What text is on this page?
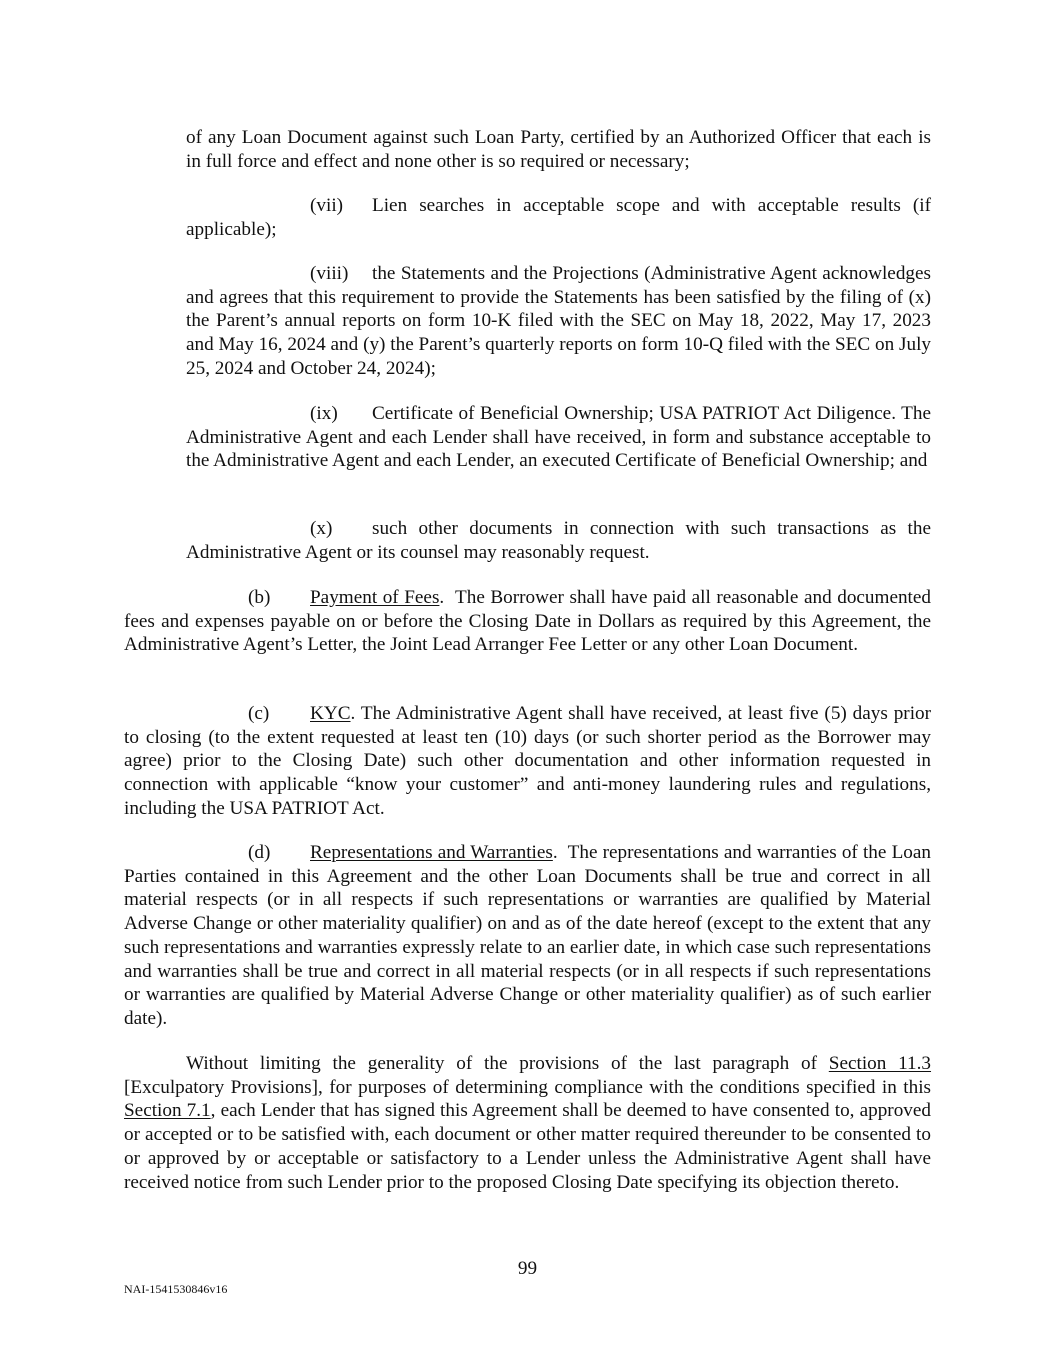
of any Loan Document against such Loan Party, certified by an Authorized Officer that each is in full force and effect and none other is so required or necessary;

(vii) Lien searches in acceptable scope and with acceptable results (if applicable);

(viii) the Statements and the Projections (Administrative Agent acknowledges and agrees that this requirement to provide the Statements has been satisfied by the filing of (x) the Parent’s annual reports on form 10-K filed with the SEC on May 18, 2022, May 17, 2023 and May 16, 2024 and (y) the Parent’s quarterly reports on form 10-Q filed with the SEC on July 25, 2024 and October 24, 2024);

(ix) Certificate of Beneficial Ownership; USA PATRIOT Act Diligence. The Administrative Agent and each Lender shall have received, in form and substance acceptable to the Administrative Agent and each Lender, an executed Certificate of Beneficial Ownership; and

(x) such other documents in connection with such transactions as the Administrative Agent or its counsel may reasonably request.

(b) Payment of Fees.  The Borrower shall have paid all reasonable and documented fees and expenses payable on or before the Closing Date in Dollars as required by this Agreement, the Administrative Agent’s Letter, the Joint Lead Arranger Fee Letter or any other Loan Document.

(c) KYC. The Administrative Agent shall have received, at least five (5) days prior to closing (to the extent requested at least ten (10) days (or such shorter period as the Borrower may agree) prior to the Closing Date) such other documentation and other information requested in connection with applicable “know your customer” and anti-money laundering rules and regulations, including the USA PATRIOT Act.

(d) Representations and Warranties.  The representations and warranties of the Loan Parties contained in this Agreement and the other Loan Documents shall be true and correct in all material respects (or in all respects if such representations or warranties are qualified by Material Adverse Change or other materiality qualifier) on and as of the date hereof (except to the extent that any such representations and warranties expressly relate to an earlier date, in which case such representations and warranties shall be true and correct in all material respects (or in all respects if such representations or warranties are qualified by Material Adverse Change or other materiality qualifier) as of such earlier date).

Without limiting the generality of the provisions of the last paragraph of Section 11.3 [Exculpatory Provisions], for purposes of determining compliance with the conditions specified in this Section 7.1, each Lender that has signed this Agreement shall be deemed to have consented to, approved or accepted or to be satisfied with, each document or other matter required thereunder to be consented to or approved by or acceptable or satisfactory to a Lender unless the Administrative Agent shall have received notice from such Lender prior to the proposed Closing Date specifying its objection thereto.

99

NAI-1541530846v16
